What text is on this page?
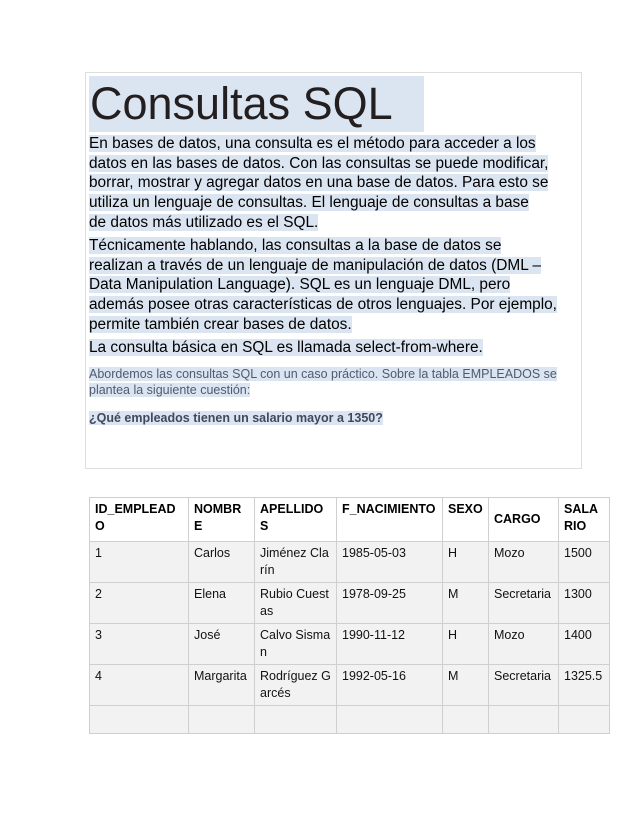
Consultas SQL

En bases de datos, una consulta es el método para acceder a los datos en las bases de datos. Con las consultas se puede modificar, borrar, mostrar y agregar datos en una base de datos. Para esto se utiliza un lenguaje de consultas. El lenguaje de consultas a base de datos más utilizado es el SQL.

Técnicamente hablando, las consultas a la base de datos se realizan a través de un lenguaje de manipulación de datos (DML – Data Manipulation Language). SQL es un lenguaje DML, pero además posee otras características de otros lenguajes. Por ejemplo, permite también crear bases de datos.

La consulta básica en SQL es llamada select-from-where.

Abordemos las consultas SQL con un caso práctico. Sobre la tabla EMPLEADOS se plantea la siguiente cuestión:

¿Qué empleados tienen un salario mayor a 1350?

ID_EMPLEADO	NOMBRE	APELLIDOS	F_NACIMIENTO	SEXO	CARGO	SALARIO
1	Carlos	Jiménez Clarín	1985-05-03	H	Mozo	1500
2	Elena	Rubio Cuestas	1978-09-25	M	Secretaria	1300
3	José	Calvo Sisman	1990-11-12	H	Mozo	1400
4	Margarita	Rodríguez Garcés	1992-05-16	M	Secretaria	1325.5
